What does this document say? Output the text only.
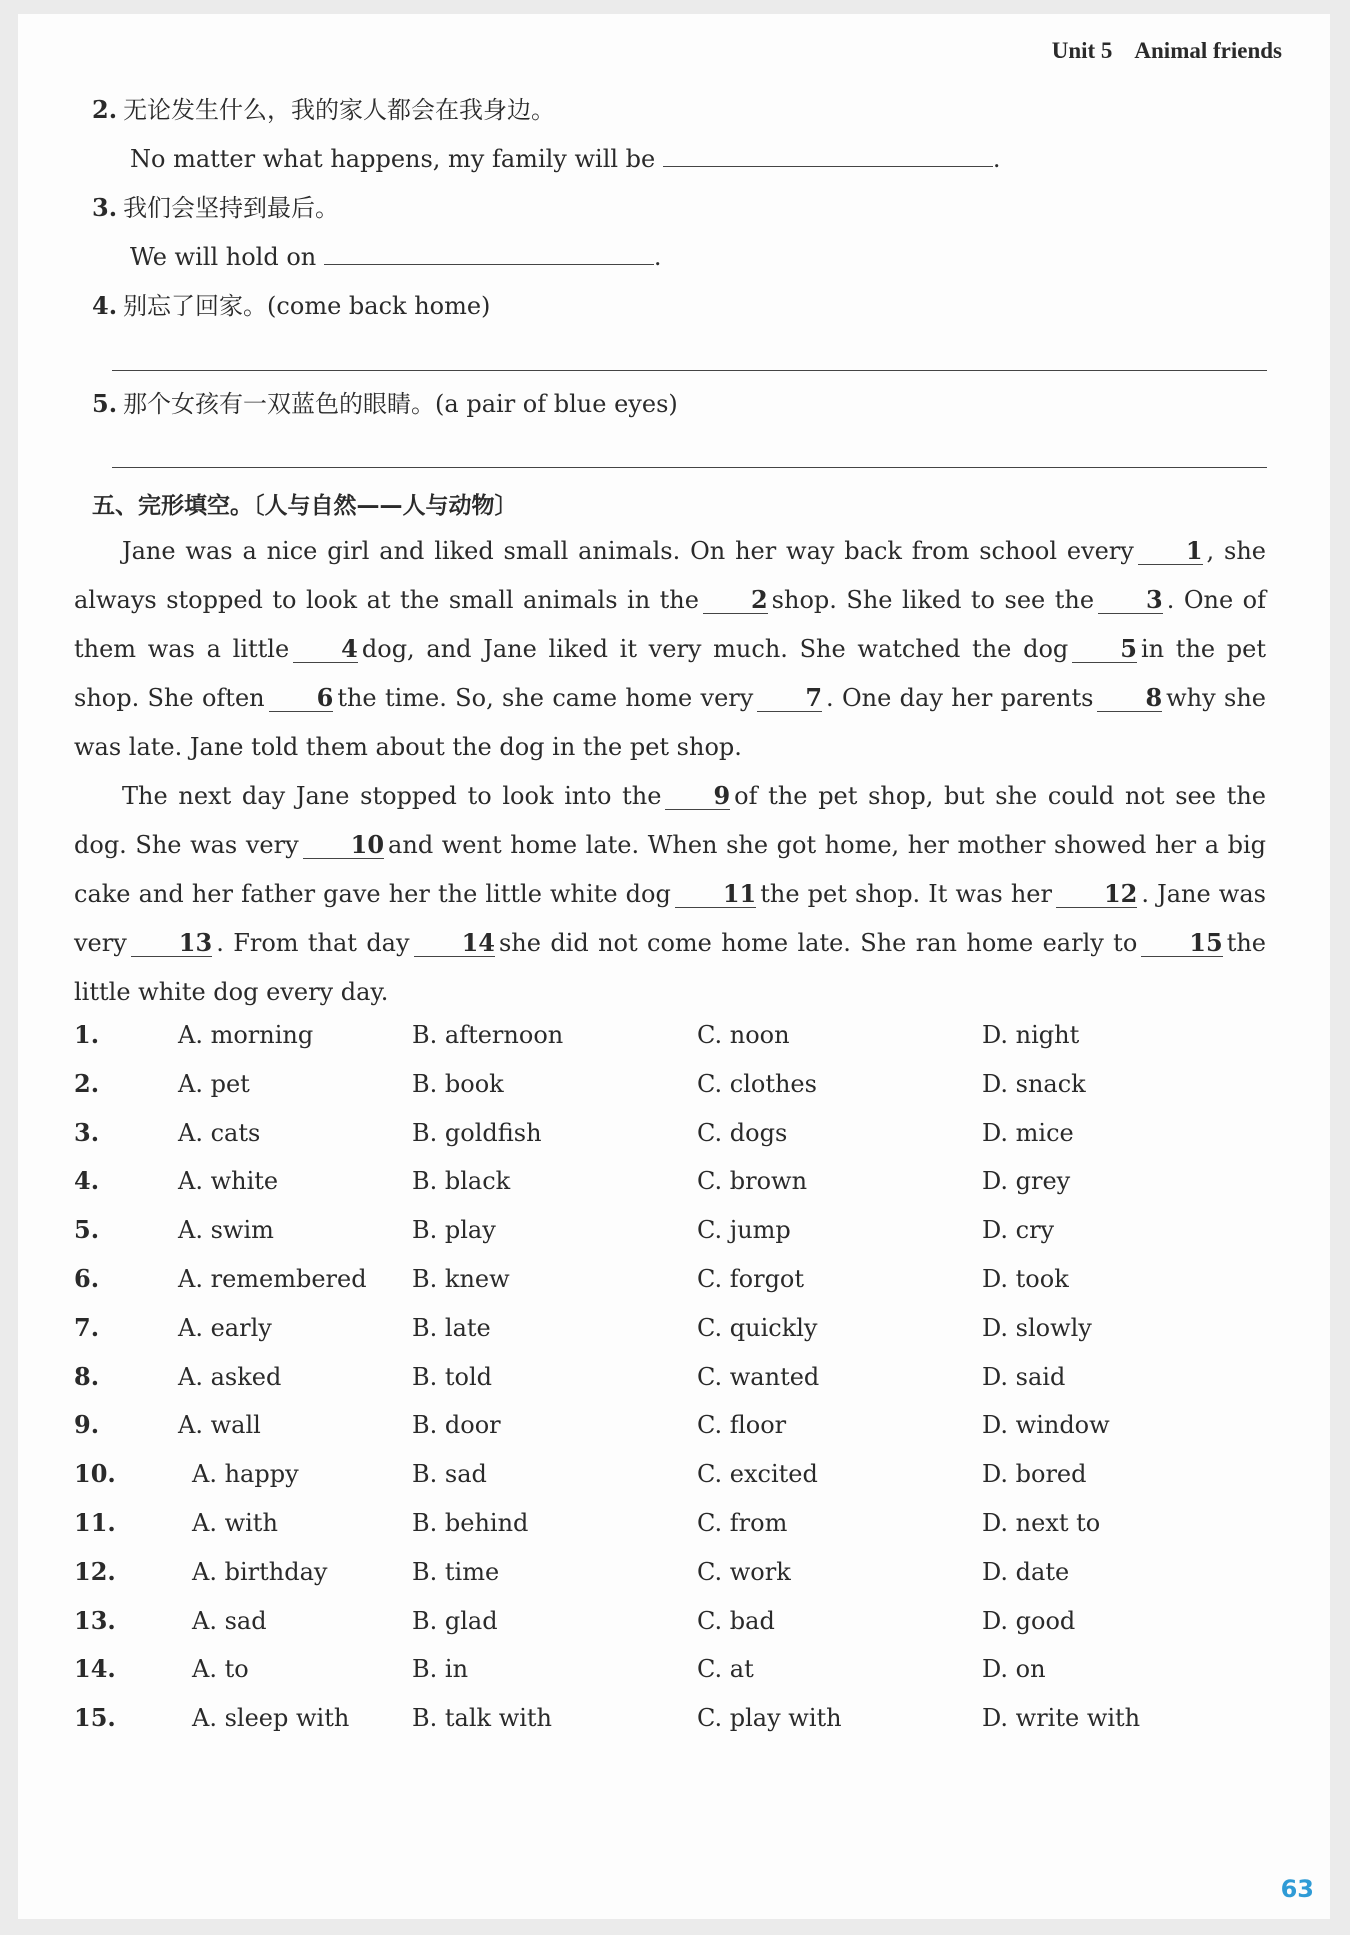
Unit 5 Animal friends
2. 无论发生什么，我的家人都会在我身边。
No matter what happens, my family will be	.
3. 我们会坚持到最后。
We will hold on	.
4. 别忘了回家。(come back home)
5. 那个女孩有一双蓝色的眼睛。(a pair of blue eyes)
五、完形填空。〔人与自然——人与动物〕

Jane was a nice girl and liked small animals. On her way back from school every 1 , she always stopped to look at the small animals in the 2 shop. She liked to see the 3 . One of them was a little 4 dog, and Jane liked it very much. She watched the dog 5 in the pet shop. She often 6 the time. So, she came home very 7 . One day her parents 8 why she was late. Jane told them about the dog in the pet shop.

The next day Jane stopped to look into the 9 of the pet shop, but she could not see the dog. She was very 10 and went home late. When she got home, her mother showed her a big cake and her father gave her the little white dog 11 the pet shop. It was her 12 . Jane was very 13 . From that day 14 she did not come home late. She ran home early to 15 the little white dog every day.

1.	A. morning	B. afternoon	C. noon	D. night
2.	A. pet	B. book	C. clothes	D. snack
3.	A. cats	B. goldfish	C. dogs	D. mice
4.	A. white	B. black	C. brown	D. grey
5.	A. swim	B. play	C. jump	D. cry
6.	A. remembered B. knew	C. forgot	D. took
7.	A. early	B. late	C. quickly	D. slowly
8.	A. asked	B. told	C. wanted	D. said
9.	A. wall	B. door	C. floor	D. window
10.	A. happy	B. sad	C. excited	D. bored
11.	A. with	B. behind	C. from	D. next to
12.	A. birthday	B. time	C. work	D. date
13.	A. sad	B. glad	C. bad	D. good
14.	A. to	B. in	C. at	D. on
15.	A. sleep with	B. talk with	C. play with	D. write with
63
